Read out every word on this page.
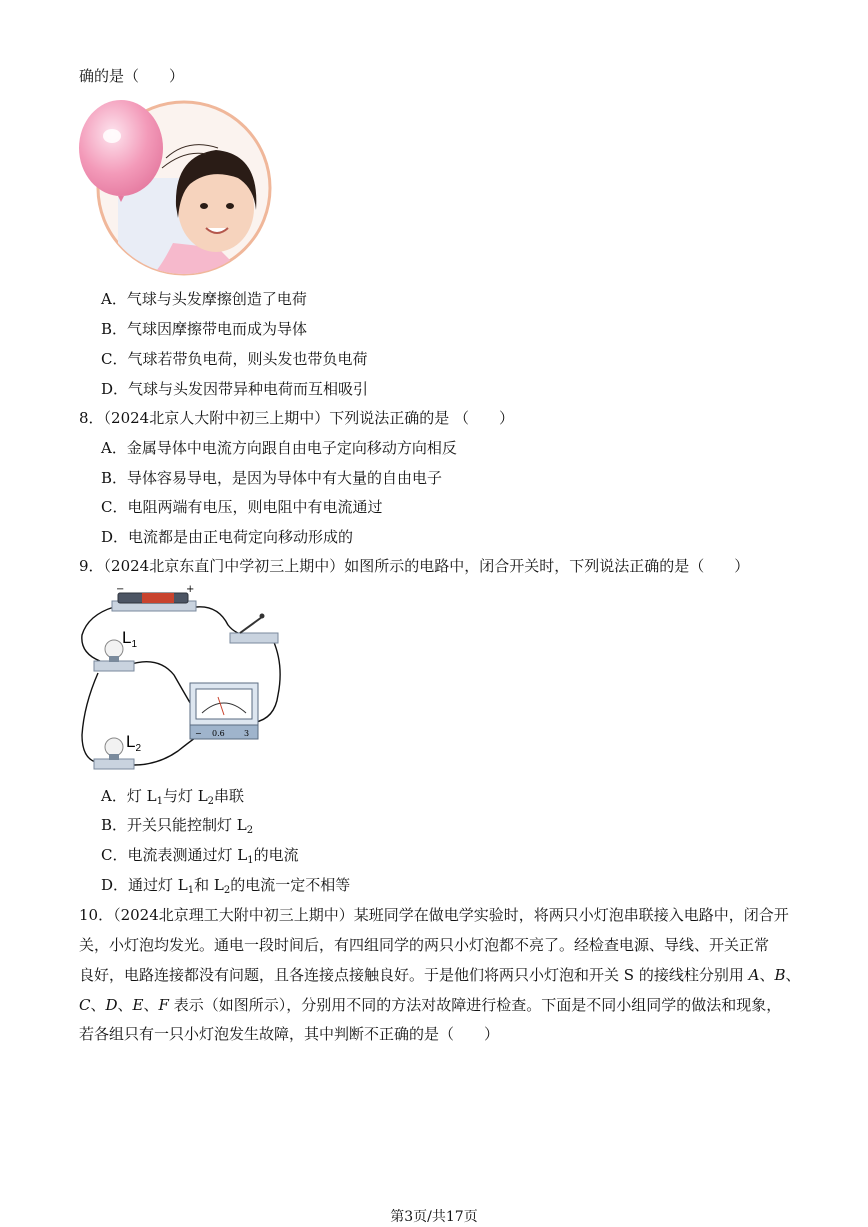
确的是（　　）
A．气球与头发摩擦创造了电荷
B．气球因摩擦带电而成为导体
C．气球若带负电荷，则头发也带负电荷
D．气球与头发因带异种电荷而互相吸引
8．（2024北京人大附中初三上期中）下列说法正确的是 （　　）
A．金属导体中电流方向跟自由电子定向移动方向相反
B．导体容易导电，是因为导体中有大量的自由电子
C．电阻两端有电压，则电阻中有电流通过
D．电流都是由正电荷定向移动形成的
9．（2024北京东直门中学初三上期中）如图所示的电路中，闭合开关时，下列说法正确的是（　　）
−	+
$L_1$
$L_2$
− 0.6 3
A．灯 $L_1$与灯 $L_2$串联
B．开关只能控制灯 $L_2$
C．电流表测通过灯 $L_1$的电流
D．通过灯 $L_1$和 $L_2$的电流一定不相等
10．（2024北京理工大附中初三上期中）某班同学在做电学实验时，将两只小灯泡串联接入电路中，闭合开
关，小灯泡均发光。通电一段时间后，有四组同学的两只小灯泡都不亮了。经检查电源、导线、开关正常
良好，电路连接都没有问题，且各连接点接触良好。于是他们将两只小灯泡和开关 S 的接线柱分别用 A、B、
C、D、E、F 表示（如图所示），分别用不同的方法对故障进行检查。下面是不同小组同学的做法和现象，
若各组只有一只小灯泡发生故障，其中判断不正确的是（　　）
第3页/共17页
